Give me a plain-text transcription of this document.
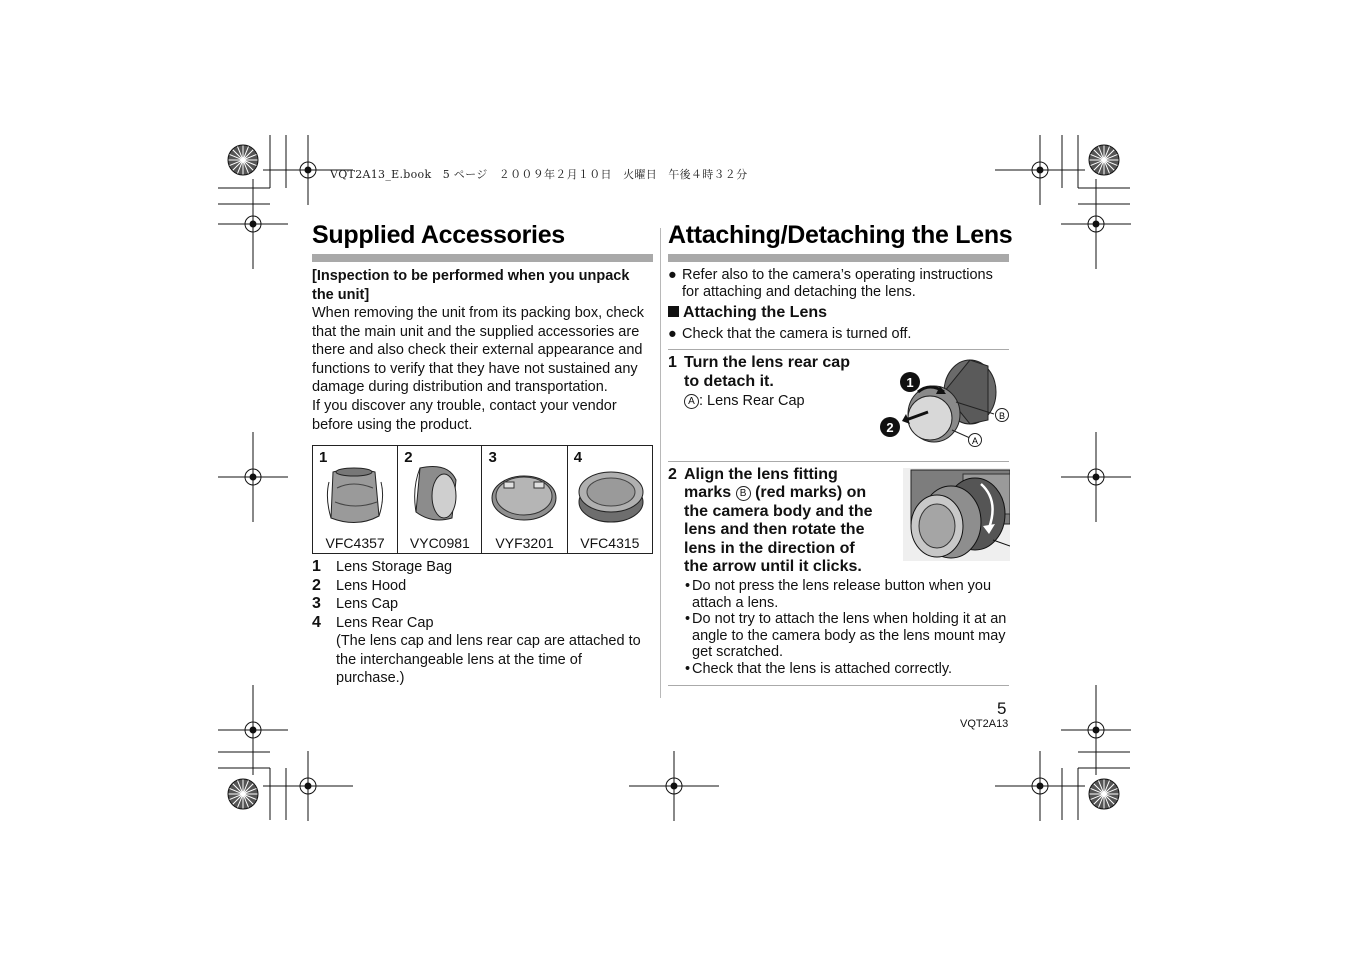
VQT2A13_E.book　5 ページ　２００９年２月１０日　火曜日　午後４時３２分
Supplied Accessories
[Inspection to be performed when you unpack the unit]
When removing the unit from its packing box, check that the main unit and the supplied accessories are there and also check their external appearance and functions to verify that they have not sustained any damage during distribution and transportation.
If you discover any trouble, contact your vendor before using the product.
1
VFC4357

2
VYC0981

3
VYF3201

4
VFC4315
1 Lens Storage Bag
2 Lens Hood
3 Lens Cap
4 Lens Rear Cap
(The lens cap and lens rear cap are attached to the interchangeable lens at the time of purchase.)
Attaching/Detaching the Lens
● Refer also to the camera’s operating instructions for attaching and detaching the lens.
Attaching the Lens
● Check that the camera is turned off.
1 Turn the lens rear cap
to detach it.
A : Lens Rear Cap
1
2
B
A
2 Align the lens fitting
marks B (red marks) on
the camera body and the
lens and then rotate the
lens in the direction of
the arrow until it clicks.
• Do not press the lens release button when you attach a lens.
• Do not try to attach the lens when holding it at an angle to the camera body as the lens mount may get scratched.
• Check that the lens is attached correctly.
5
VQT2A13
